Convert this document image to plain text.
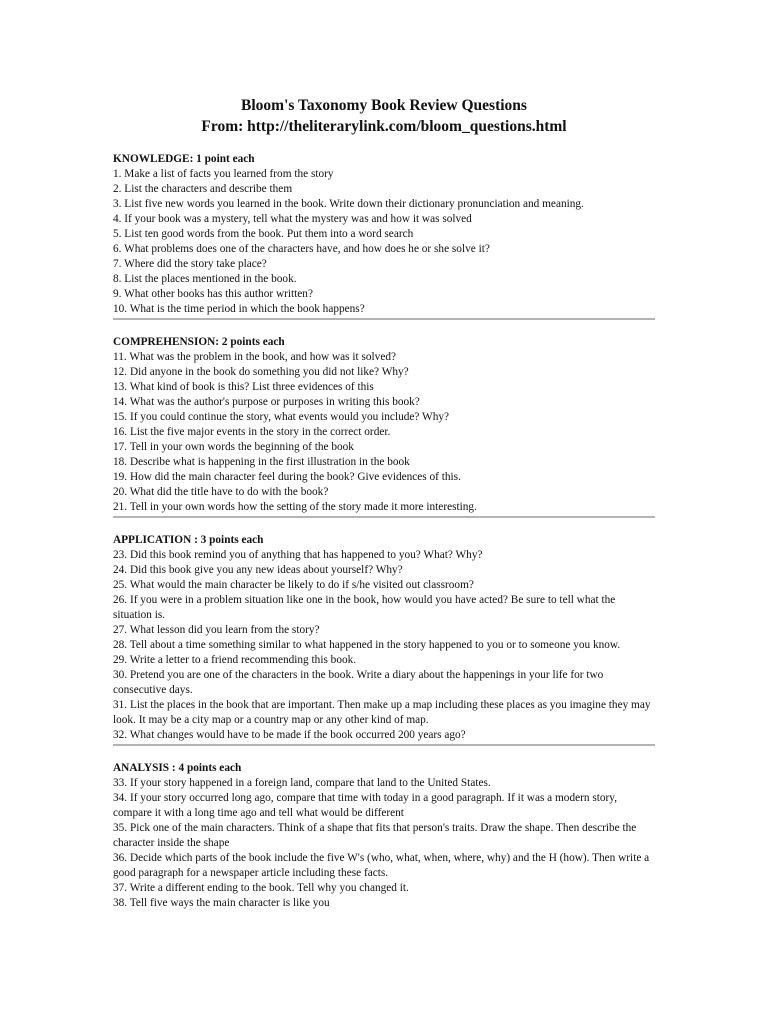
Bloom's Taxonomy Book Review Questions
From: http://theliterarylink.com/bloom_questions.html
KNOWLEDGE: 1 point each
1. Make a list of facts you learned from the story
2. List the characters and describe them
3. List five new words you learned in the book. Write down their dictionary pronunciation and meaning.
4. If your book was a mystery, tell what the mystery was and how it was solved
5. List ten good words from the book. Put them into a word search
6. What problems does one of the characters have, and how does he or she solve it?
7. Where did the story take place?
8. List the places mentioned in the book.
9. What other books has this author written?
10. What is the time period in which the book happens?
COMPREHENSION: 2 points each
11. What was the problem in the book, and how was it solved?
12. Did anyone in the book do something you did not like? Why?
13. What kind of book is this? List three evidences of this
14. What was the author's purpose or purposes in writing this book?
15. If you could continue the story, what events would you include? Why?
16. List the five major events in the story in the correct order.
17. Tell in your own words the beginning of the book
18. Describe what is happening in the first illustration in the book
19. How did the main character feel during the book? Give evidences of this.
20. What did the title have to do with the book?
21. Tell in your own words how the setting of the story made it more interesting.
APPLICATION : 3 points each
23. Did this book remind you of anything that has happened to you? What? Why?
24. Did this book give you any new ideas about yourself? Why?
25. What would the main character be likely to do if s/he visited out classroom?
26. If you were in a problem situation like one in the book, how would you have acted? Be sure to tell what the situation is.
27. What lesson did you learn from the story?
28. Tell about a time something similar to what happened in the story happened to you or to someone you know.
29. Write a letter to a friend recommending this book.
30. Pretend you are one of the characters in the book. Write a diary about the happenings in your life for two consecutive days.
31. List the places in the book that are important. Then make up a map including these places as you imagine they may look. It may be a city map or a country map or any other kind of map.
32. What changes would have to be made if the book occurred 200 years ago?
ANALYSIS : 4 points each
33. If your story happened in a foreign land, compare that land to the United States.
34. If your story occurred long ago, compare that time with today in a good paragraph. If it was a modern story, compare it with a long time ago and tell what would be different
35. Pick one of the main characters. Think of a shape that fits that person's traits. Draw the shape. Then describe the character inside the shape
36. Decide which parts of the book include the five W's (who, what, when, where, why) and the H (how). Then write a good paragraph for a newspaper article including these facts.
37. Write a different ending to the book. Tell why you changed it.
38. Tell five ways the main character is like you
